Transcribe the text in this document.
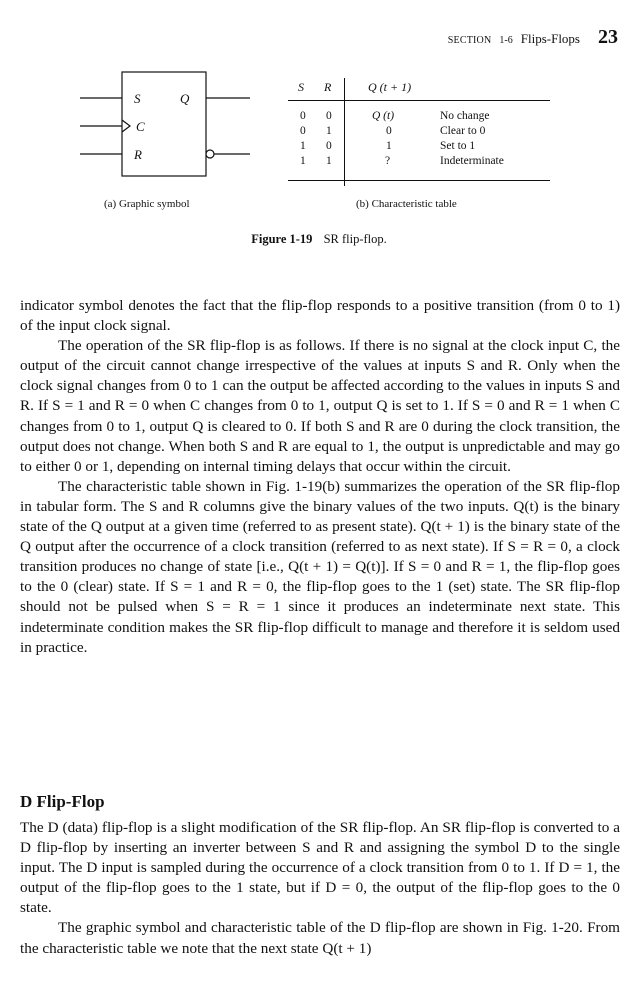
SECTION 1-6 Flips-Flops 23
S	Q
C
R
(a) Graphic symbol
S R	Q (t + 1)
0 0	Q (t)	No change
0 1	0	Clear to 0
1 0	1	Set to 1
1 1	?	Indeterminate
(b) Characteristic table
Figure 1-19 SR flip-flop.

indicator symbol denotes the fact that the flip-flop responds to a positive transition (from 0 to 1) of the input clock signal.

The operation of the SR flip-flop is as follows. If there is no signal at the clock input C, the output of the circuit cannot change irrespective of the values at inputs S and R. Only when the clock signal changes from 0 to 1 can the output be affected according to the values in inputs S and R. If S = 1 and R = 0 when C changes from 0 to 1, output Q is set to 1. If S = 0 and R = 1 when C changes from 0 to 1, output Q is cleared to 0. If both S and R are 0 during the clock transition, the output does not change. When both S and R are equal to 1, the output is unpredictable and may go to either 0 or 1, depending on internal timing delays that occur within the circuit.

The characteristic table shown in Fig. 1-19(b) summarizes the operation of the SR flip-flop in tabular form. The S and R columns give the binary values of the two inputs. Q(t) is the binary state of the Q output at a given time (referred to as present state). Q(t + 1) is the binary state of the Q output after the occurrence of a clock transition (referred to as next state). If S = R = 0, a clock transition produces no change of state [i.e., Q(t + 1) = Q(t)]. If S = 0 and R = 1, the flip-flop goes to the 0 (clear) state. If S = 1 and R = 0, the flip-flop goes to the 1 (set) state. The SR flip-flop should not be pulsed when S = R = 1 since it produces an indeterminate next state. This indeterminate condition makes the SR flip-flop difficult to manage and therefore it is seldom used in practice.

D Flip-Flop

The D (data) flip-flop is a slight modification of the SR flip-flop. An SR flip-flop is converted to a D flip-flop by inserting an inverter between S and R and assigning the symbol D to the single input. The D input is sampled during the occurrence of a clock transition from 0 to 1. If D = 1, the output of the flip-flop goes to the 1 state, but if D = 0, the output of the flip-flop goes to the 0 state.

The graphic symbol and characteristic table of the D flip-flop are shown in Fig. 1-20. From the characteristic table we note that the next state Q(t + 1)
